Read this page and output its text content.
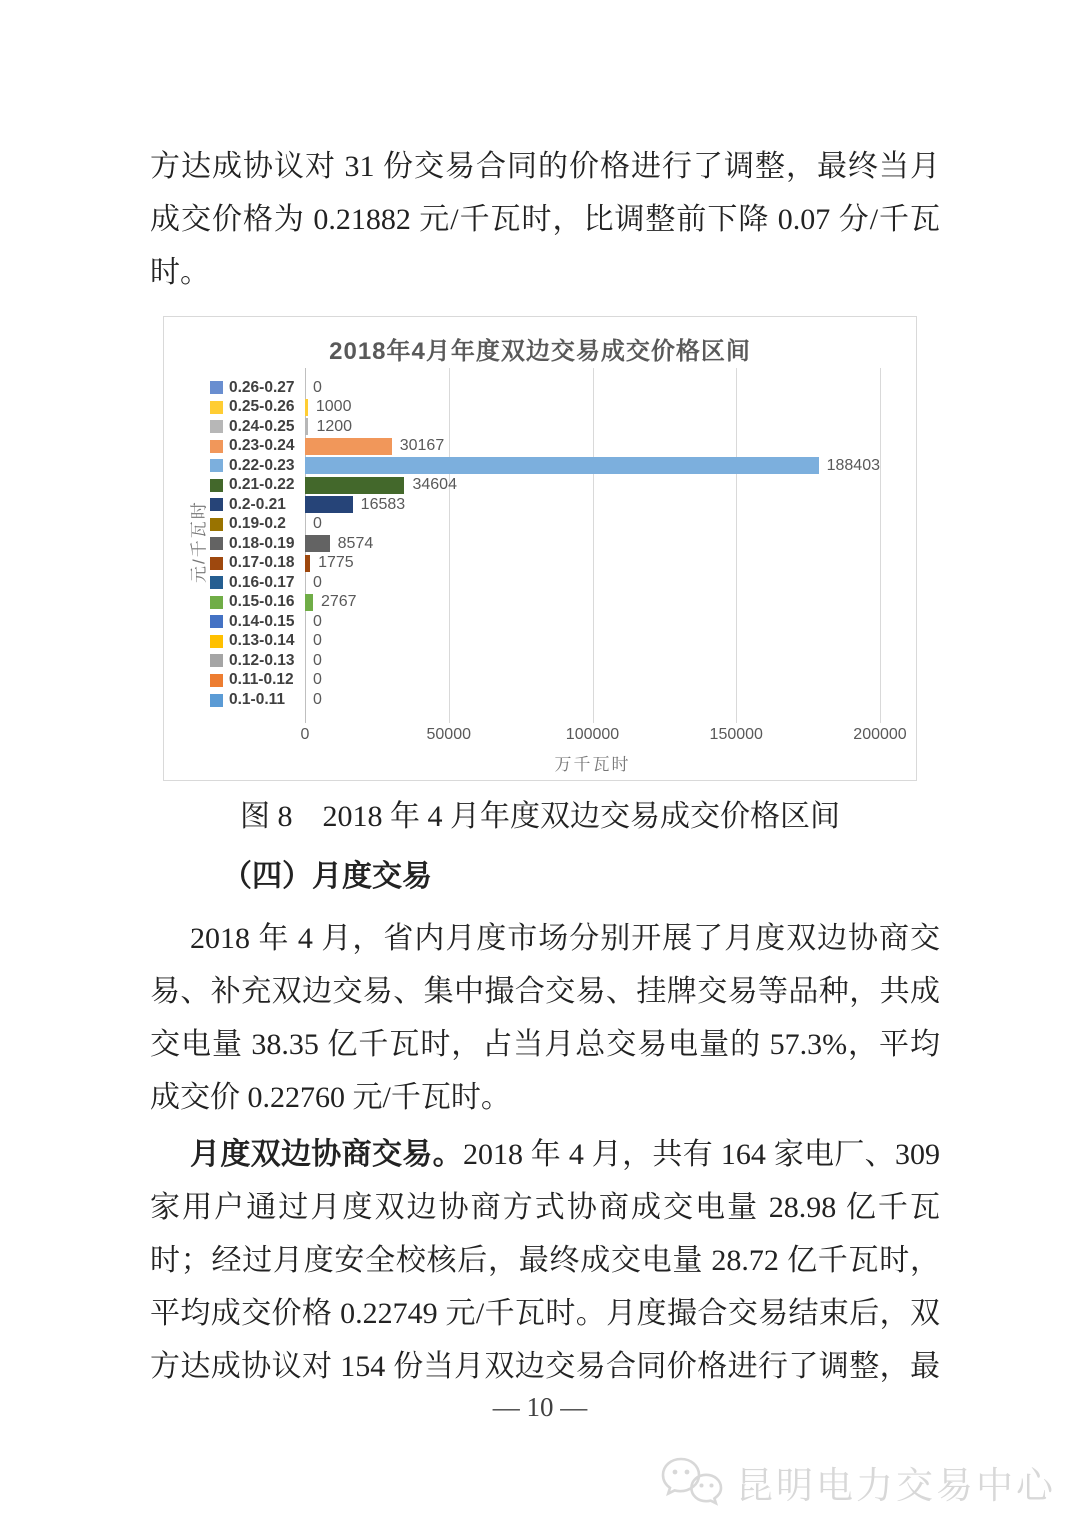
方达成协议对 31 份交易合同的价格进行了调整，最终当月
成交价格为 0.21882 元/千瓦时，比调整前下降 0.07 分/千瓦
时。
2018年4月年度双边交易成交价格区间
元/千瓦时
0.26-0.27
0.25-0.26
0.24-0.25
0.23-0.24
0.22-0.23
0.21-0.22
0.2-0.21
0.19-0.2
0.18-0.19
0.17-0.18
0.16-0.17
0.15-0.16
0.14-0.15
0.13-0.14
0.12-0.13
0.11-0.12
0.1-0.11
0
1000
1200
30167
188403
34604
16583
0
8574
1775
0
2767
0
0
0
0
0
0	50000	100000	150000	200000
万千瓦时
图 8　2018 年 4 月年度双边交易成交价格区间
（四）月度交易
2018 年 4 月，省内月度市场分别开展了月度双边协商交
易、补充双边交易、集中撮合交易、挂牌交易等品种，共成
交电量 38.35 亿千瓦时，占当月总交易电量的 57.3%，平均
成交价 0.22760 元/千瓦时。
月度双边协商交易。2018 年 4 月，共有 164 家电厂、309
家用户通过月度双边协商方式协商成交电量 28.98 亿千瓦
时；经过月度安全校核后，最终成交电量 28.72 亿千瓦时，
平均成交价格 0.22749 元/千瓦时。月度撮合交易结束后，双
方达成协议对 154 份当月双边交易合同价格进行了调整，最
— 10 —
昆明电力交易中心
